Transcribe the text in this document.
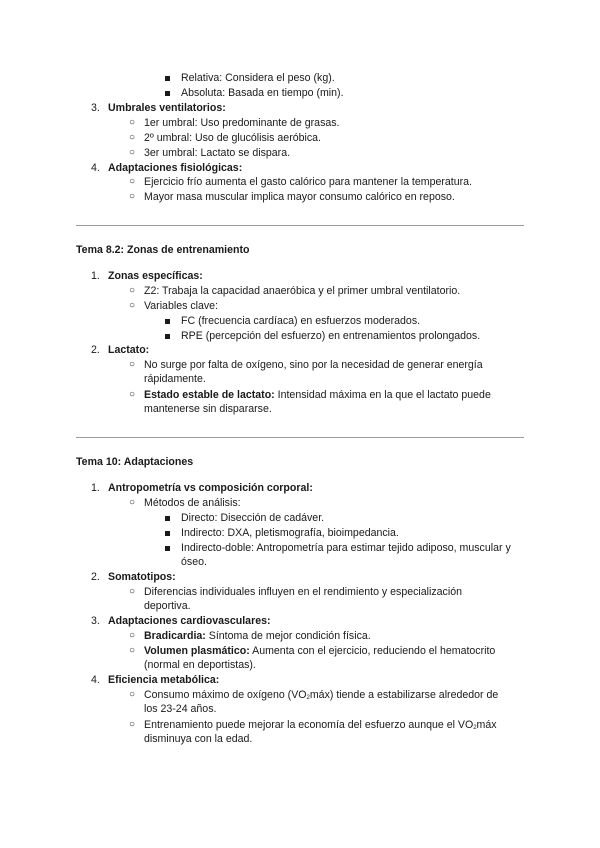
Relativa: Considera el peso (kg).
Absoluta: Basada en tiempo (min).
3. Umbrales ventilatorios:
○ 1er umbral: Uso predominante de grasas.
○ 2º umbral: Uso de glucólisis aeróbica.
○ 3er umbral: Lactato se dispara.
4. Adaptaciones fisiológicas:
○ Ejercicio frío aumenta el gasto calórico para mantener la temperatura.
○ Mayor masa muscular implica mayor consumo calórico en reposo.
Tema 8.2: Zonas de entrenamiento
1. Zonas específicas:
○ Z2: Trabaja la capacidad anaeróbica y el primer umbral ventilatorio.
○ Variables clave:
FC (frecuencia cardíaca) en esfuerzos moderados.
RPE (percepción del esfuerzo) en entrenamientos prolongados.
2. Lactato:
○ No surge por falta de oxígeno, sino por la necesidad de generar energía
rápidamente.
○ Estado estable de lactato: Intensidad máxima en la que el lactato puede
mantenerse sin dispararse.
Tema 10: Adaptaciones
1. Antropometría vs composición corporal:
○ Métodos de análisis:
Directo: Disección de cadáver.
Indirecto: DXA, pletismografía, bioimpedancia.
Indirecto-doble: Antropometría para estimar tejido adiposo, muscular y
óseo.
2. Somatotipos:
○ Diferencias individuales influyen en el rendimiento y especialización
deportiva.
3. Adaptaciones cardiovasculares:
○ Bradicardia: Síntoma de mejor condición física.
○ Volumen plasmático: Aumenta con el ejercicio, reduciendo el hematocrito
(normal en deportistas).
4. Eficiencia metabólica:
○ Consumo máximo de oxígeno $(VO_2máx)$ tiende a estabilizarse alrededor de
los 23-24 años.
○ Entrenamiento puede mejorar la economía del esfuerzo aunque el $VO_2máx$
disminuya con la edad.
